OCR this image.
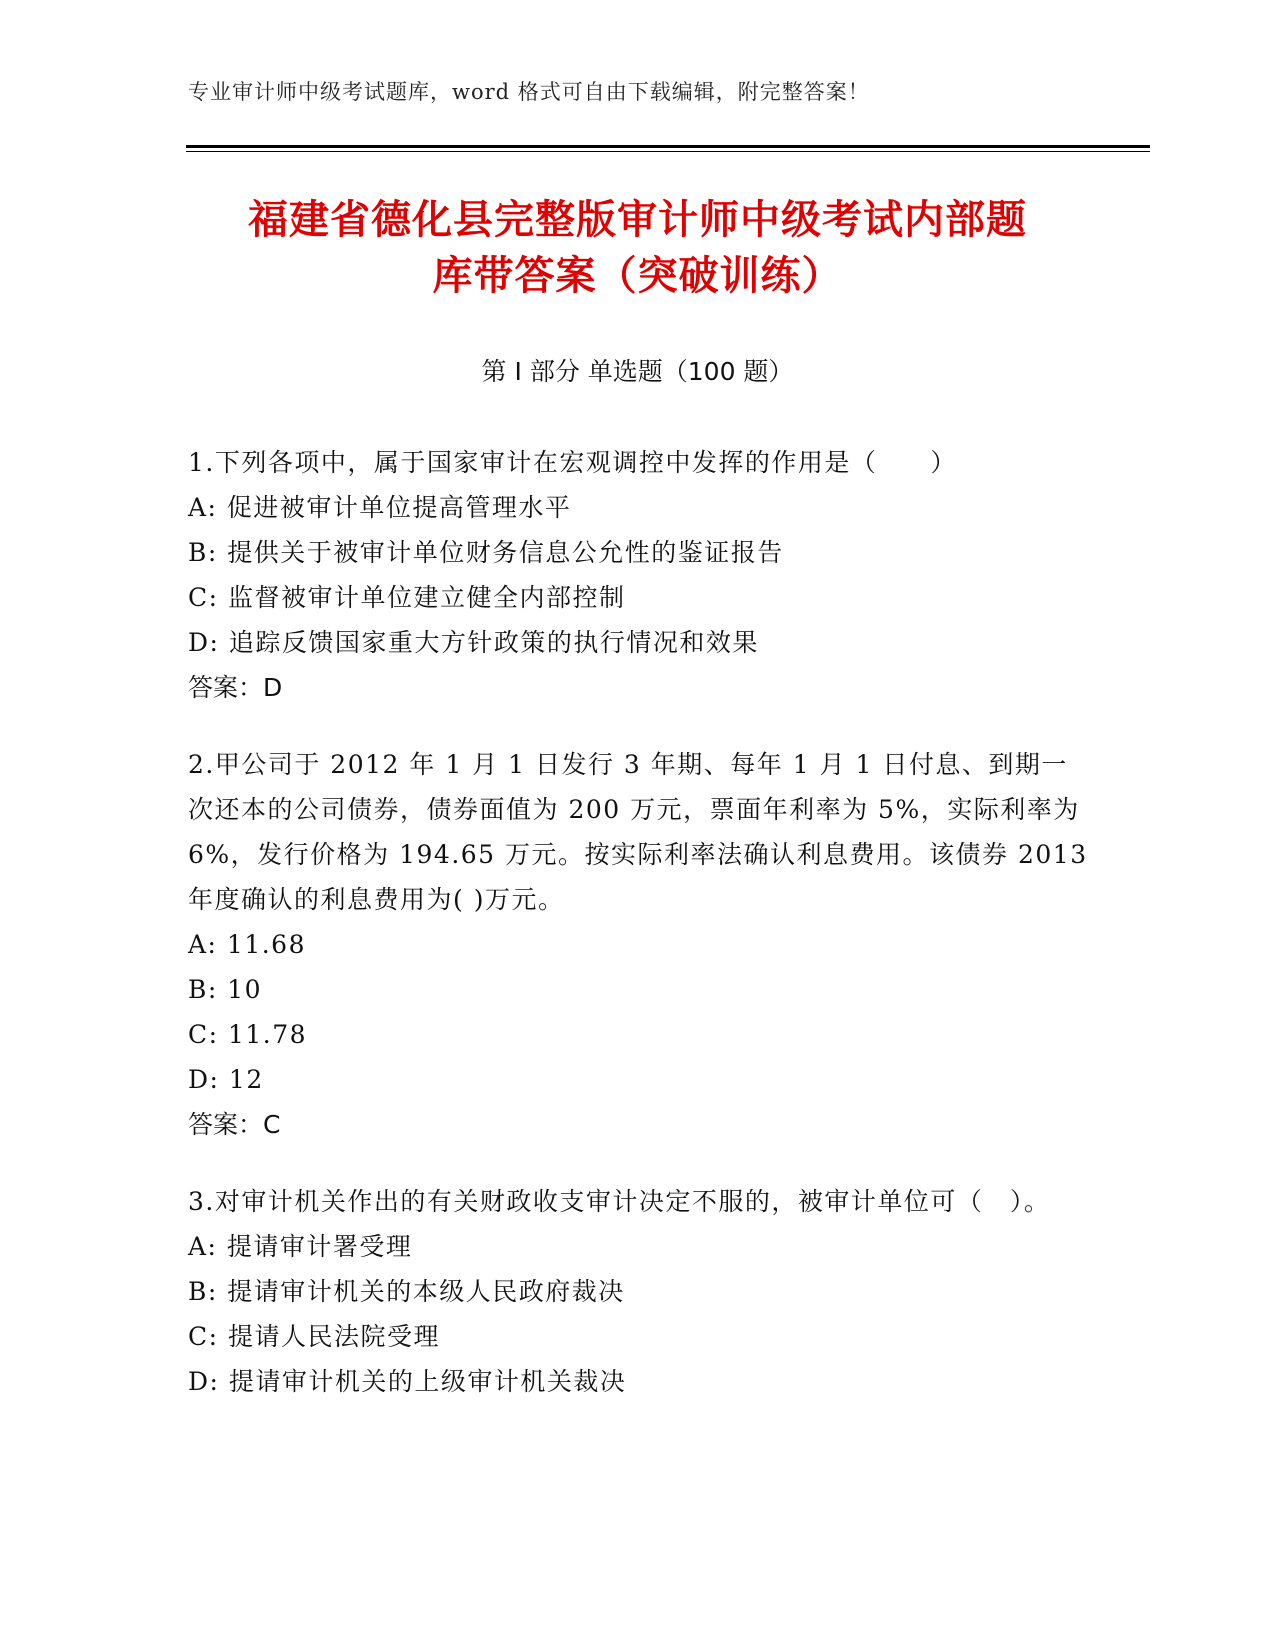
专业审计师中级考试题库，word 格式可自由下载编辑，附完整答案！
福建省德化县完整版审计师中级考试内部题
库带答案（突破训练）
第 I 部分 单选题（100 题）
1.下列各项中，属于国家审计在宏观调控中发挥的作用是（　　）
A: 促进被审计单位提高管理水平
B: 提供关于被审计单位财务信息公允性的鉴证报告
C: 监督被审计单位建立健全内部控制
D: 追踪反馈国家重大方针政策的执行情况和效果
答案：D
2.甲公司于 2012 年 1 月 1 日发行 3 年期、每年 1 月 1 日付息、到期一次还本的公司债券，债券面值为 200 万元，票面年利率为 5%，实际利率为 6%，发行价格为 194.65 万元。按实际利率法确认利息费用。该债券 2013 年度确认的利息费用为( )万元。
A: 11.68
B: 10
C: 11.78
D: 12
答案：C
3.对审计机关作出的有关财政收支审计决定不服的，被审计单位可（　）。
A: 提请审计署受理
B: 提请审计机关的本级人民政府裁决
C: 提请人民法院受理
D: 提请审计机关的上级审计机关裁决
